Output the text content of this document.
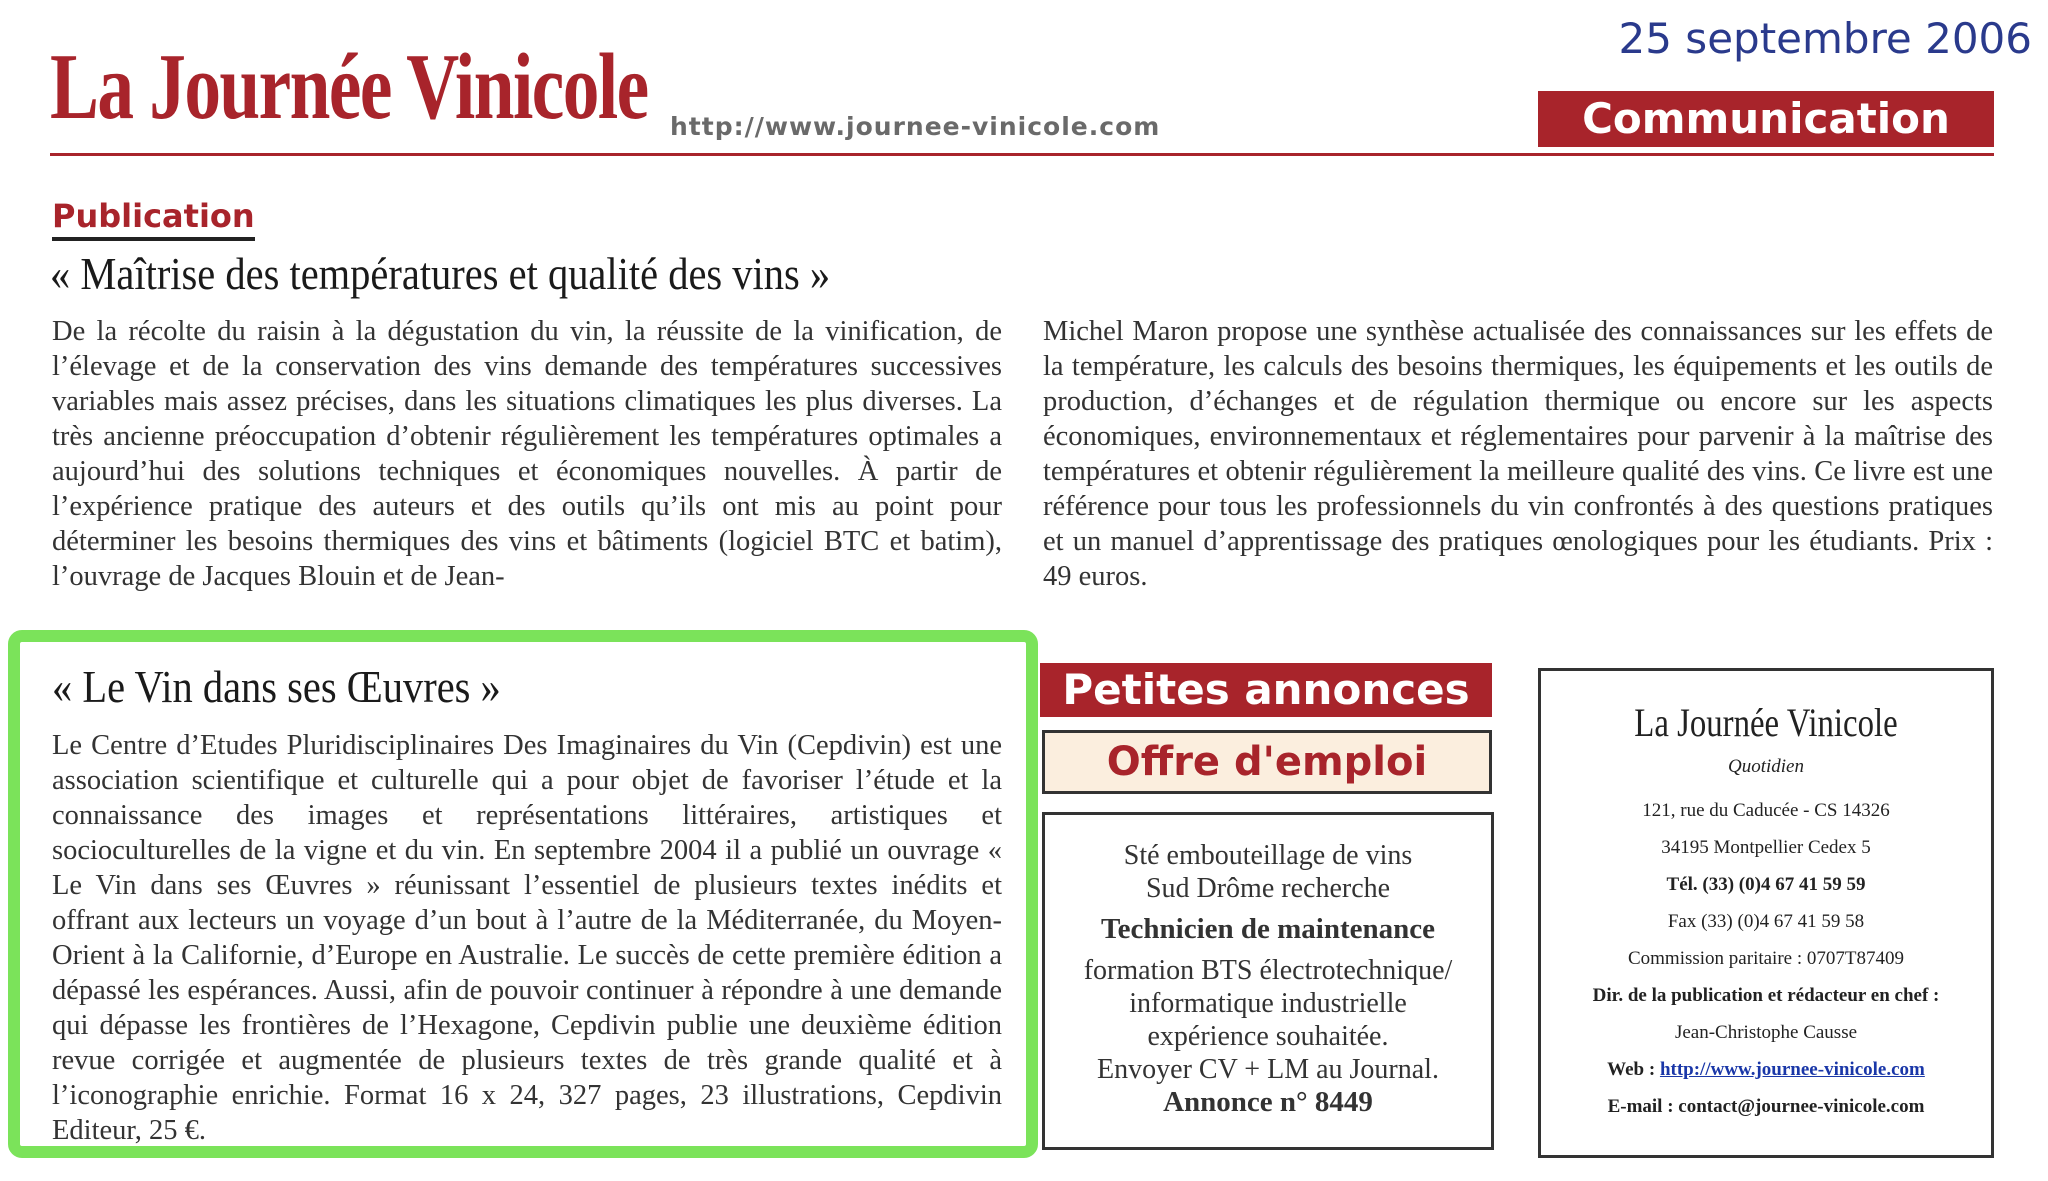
25 septembre 2006
La Journée Vinicole http://www.journee-vinicole.com	Communication
Publication
« Maîtrise des températures et qualité des vins »
De la récolte du raisin à la dégustation du vin, la réussite de la vinification, de l’élevage et de la conservation des vins demande des températures successives variables mais assez précises, dans les situations climatiques les plus diverses. La très ancienne préoccupation d’obtenir régulièrement les températures optimales a aujourd’hui des solutions techniques et économiques nouvelles. À partir de l’expérience pratique des auteurs et des outils qu’ils ont mis au point pour déterminer les besoins thermiques des vins et bâtiments (logiciel BTC et batim), l’ouvrage de Jacques Blouin et de Jean-
Michel Maron propose une synthèse actualisée des connaissances sur les effets de la température, les calculs des besoins thermiques, les équipements et les outils de production, d’échanges et de régulation thermique ou encore sur les aspects économiques, environnementaux et réglementaires pour parvenir à la maîtrise des températures et obtenir régulièrement la meilleure qualité des vins. Ce livre est une référence pour tous les professionnels du vin confrontés à des questions pratiques et un manuel d’apprentissage des pratiques œnologiques pour les étudiants. Prix : 49 euros.
« Le Vin dans ses Œuvres »
Le Centre d’Etudes Pluridisciplinaires Des Imaginaires du Vin (Cepdivin) est une association scientifique et culturelle qui a pour objet de favoriser l’étude et la connaissance des images et représentations littéraires, artistiques et socioculturelles de la vigne et du vin. En septembre 2004 il a publié un ouvrage « Le Vin dans ses Œuvres » réunissant l’essentiel de plusieurs textes inédits et offrant aux lecteurs un voyage d’un bout à l’autre de la Méditerranée, du Moyen-Orient à la Californie, d’Europe en Australie. Le succès de cette première édition a dépassé les espérances. Aussi, afin de pouvoir continuer à répondre à une demande qui dépasse les frontières de l’Hexagone, Cepdivin publie une deuxième édition revue corrigée et augmentée de plusieurs textes de très grande qualité et à l’iconographie enrichie. Format 16 x 24, 327 pages, 23 illustrations, Cepdivin Editeur, 25 €.
Petites annonces
Offre d'emploi

Sté embouteillage de vins

Sud Drôme recherche

Technicien de maintenance

formation BTS électrotechnique/

informatique industrielle

expérience souhaitée.

Envoyer CV + LM au Journal.

Annonce n° 8449

La Journée Vinicole
Quotidien

121, rue du Caducée - CS 14326

34195 Montpellier Cedex 5

Tél. (33) (0)4 67 41 59 59

Fax (33) (0)4 67 41 59 58

Commission paritaire : 0707T87409

Dir. de la publication et rédacteur en chef :

Jean-Christophe Causse

Web : http://www.journee-vinicole.com

E-mail : contact@journee-vinicole.com
